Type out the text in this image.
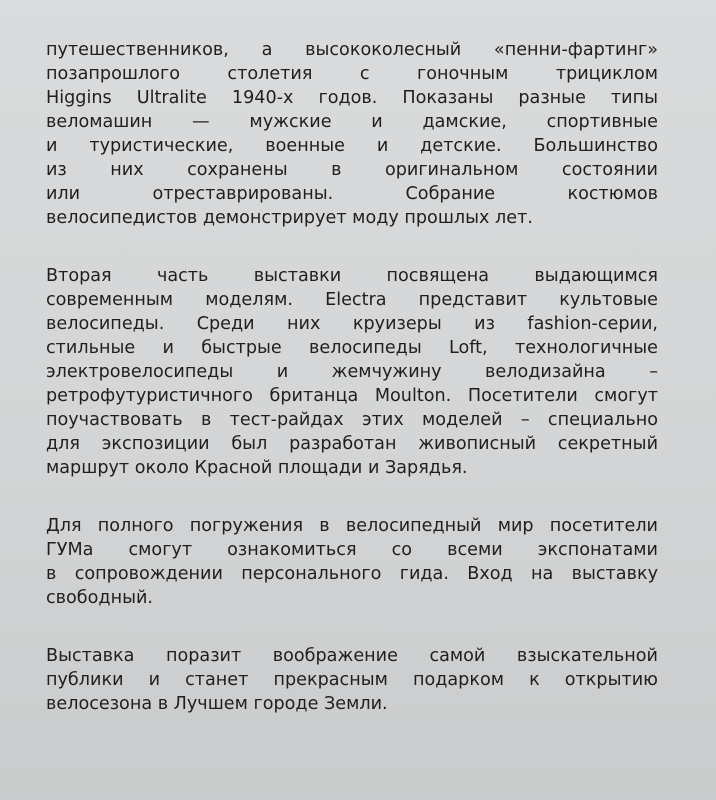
путешественников, а высококолесный «пенни-фартинг»
позапрошлого столетия с гоночным трициклом
Higgins Ultralite 1940-х годов. Показаны разные типы
веломашин — мужские и дамские, спортивные
и туристические, военные и детские. Большинство
из них сохранены в оригинальном состоянии
или отреставрированы. Собрание костюмов
велосипедистов демонстрирует моду прошлых лет.
Вторая часть выставки посвящена выдающимся
современным моделям. Electra представит культовые
велосипеды. Среди них круизеры из fashion-серии,
стильные и быстрые велосипеды Loft, технологичные
электровелосипеды и жемчужину велодизайна –
ретрофутуристичного британца Moulton. Посетители смогут
поучаствовать в тест-райдах этих моделей – специально
для экспозиции был разработан живописный секретный
маршрут около Красной площади и Зарядья.
Для полного погружения в велосипедный мир посетители
ГУМа смогут ознакомиться со всеми экспонатами
в сопровождении персонального гида. Вход на выставку
свободный.
Выставка поразит воображение самой взыскательной
публики и станет прекрасным подарком к открытию
велосезона в Лучшем городе Земли.
